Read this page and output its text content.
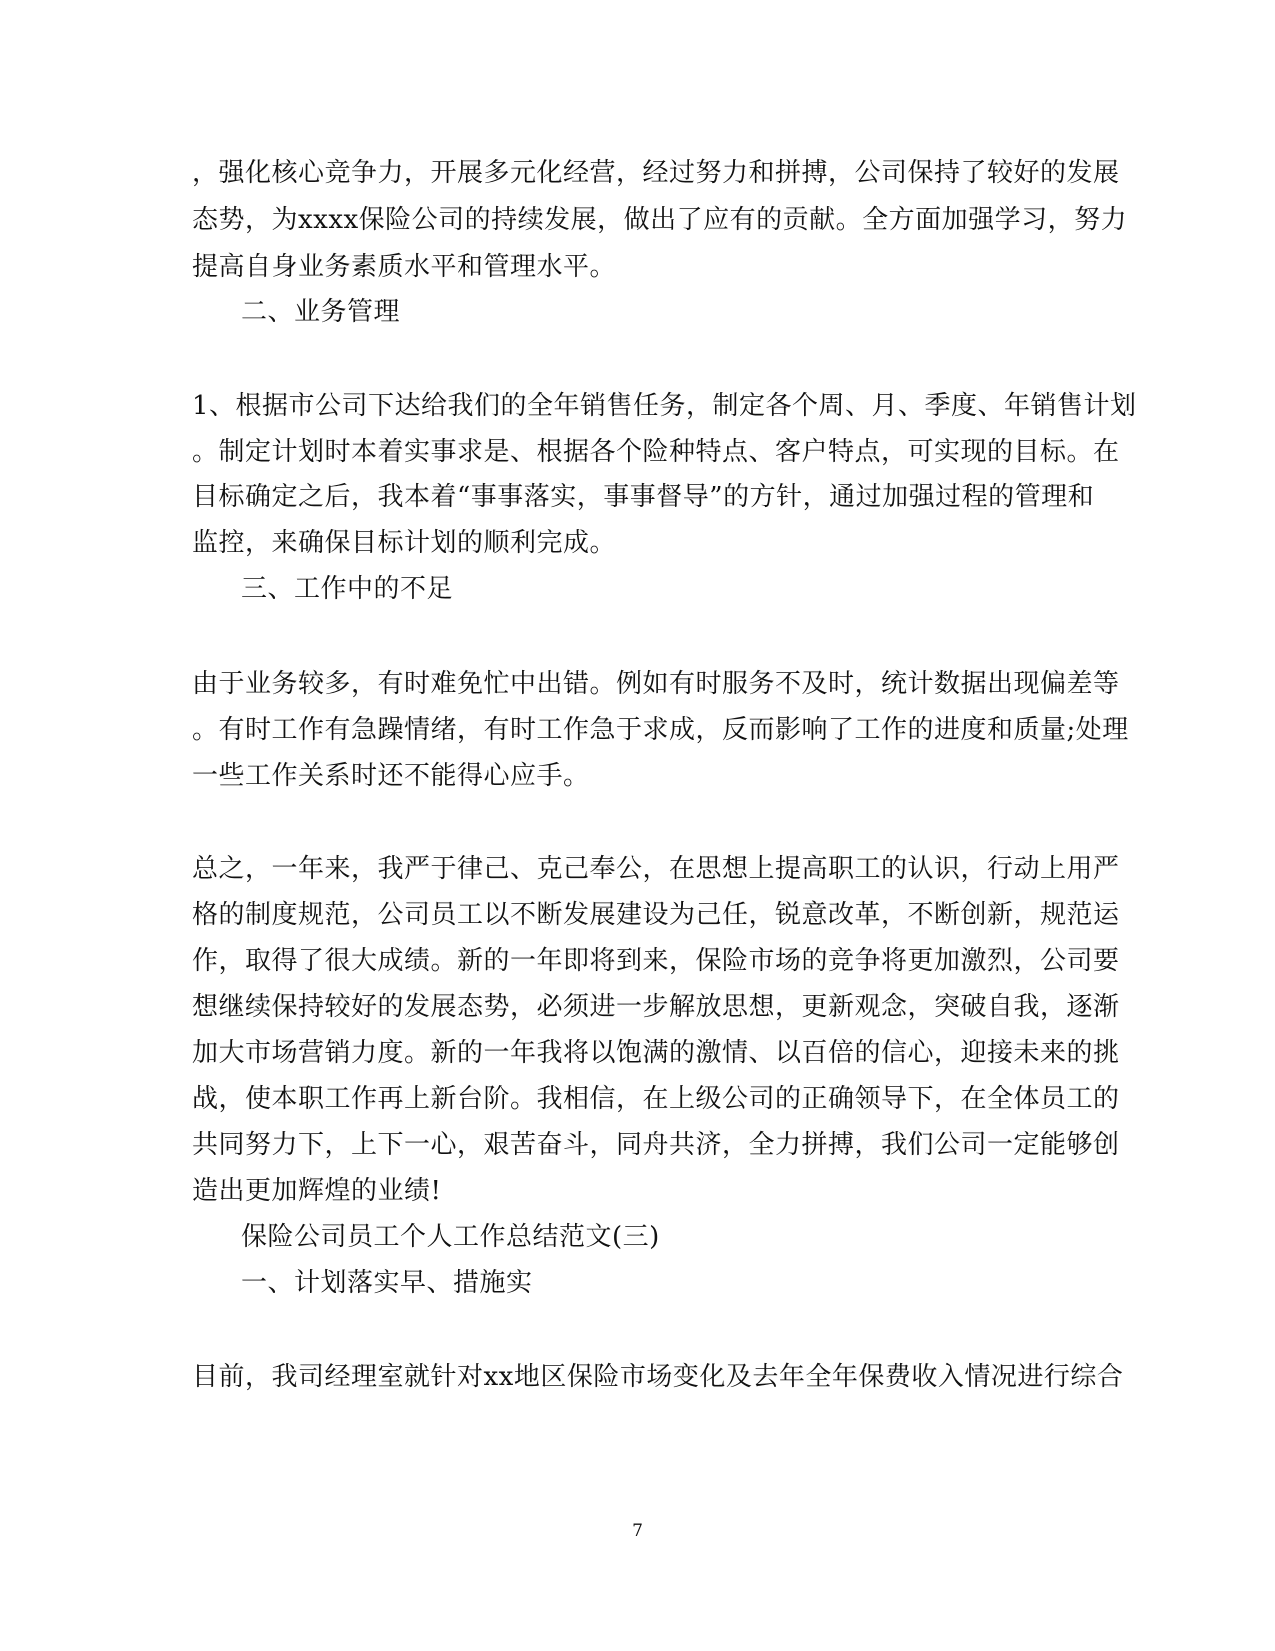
，强化核心竞争力，开展多元化经营，经过努力和拼搏，公司保持了较好的发展
态势，为xxxx保险公司的持续发展，做出了应有的贡献。全方面加强学习，努力
提高自身业务素质水平和管理水平。
二、业务管理
1、根据市公司下达给我们的全年销售任务，制定各个周、月、季度、年销售计划
。制定计划时本着实事求是、根据各个险种特点、客户特点，可实现的目标。在
目标确定之后，我本着“事事落实，事事督导”的方针，通过加强过程的管理和
监控，来确保目标计划的顺利完成。
三、工作中的不足
由于业务较多，有时难免忙中出错。例如有时服务不及时，统计数据出现偏差等
。有时工作有急躁情绪，有时工作急于求成，反而影响了工作的进度和质量;处理
一些工作关系时还不能得心应手。
总之，一年来，我严于律己、克己奉公，在思想上提高职工的认识，行动上用严
格的制度规范，公司员工以不断发展建设为己任，锐意改革，不断创新，规范运
作，取得了很大成绩。新的一年即将到来，保险市场的竞争将更加激烈，公司要
想继续保持较好的发展态势，必须进一步解放思想，更新观念，突破自我，逐渐
加大市场营销力度。新的一年我将以饱满的激情、以百倍的信心，迎接未来的挑
战，使本职工作再上新台阶。我相信，在上级公司的正确领导下，在全体员工的
共同努力下，上下一心，艰苦奋斗，同舟共济，全力拼搏，我们公司一定能够创
造出更加辉煌的业绩!
保险公司员工个人工作总结范文(三)
一、计划落实早、措施实
目前，我司经理室就针对xx地区保险市场变化及去年全年保费收入情况进行综合
7
